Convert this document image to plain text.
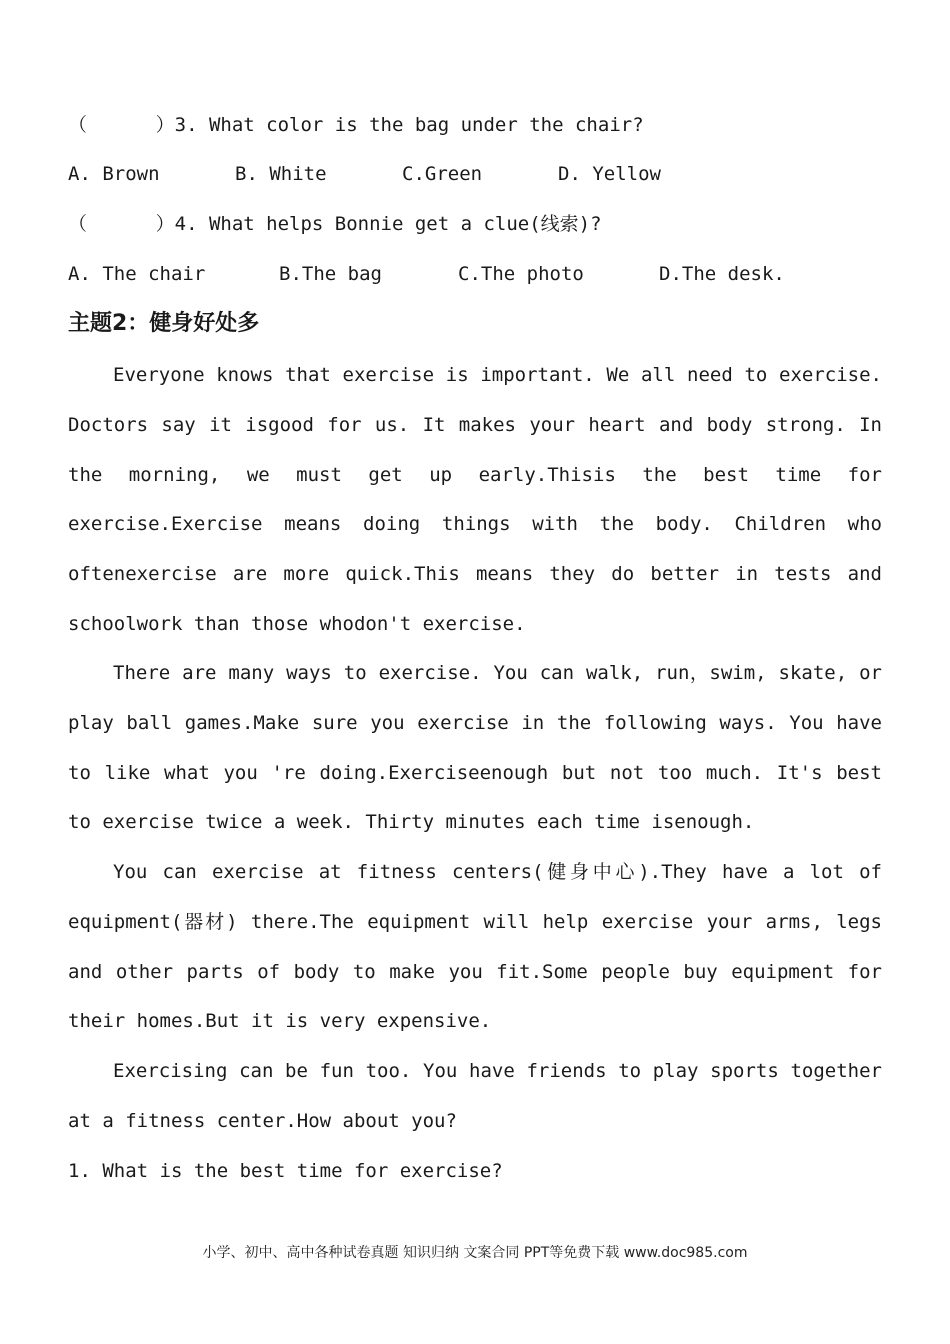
（      ）3. What color is the bag under the chair?
A. Brown	B. White	C.Green	D. Yellow
（      ）4. What helps Bonnie get a clue(线索)?
A. The chair	B.The bag	C.The photo	D.The desk.
主题2：健身好处多

Everyone knows that exercise is important. We all need to exercise. Doctors say it isgood for us. It makes your heart and body strong. In the morning, we must get up early.Thisis the best time for exercise.Exercise means doing things with the body. Children who oftenexercise are more quick.This means they do better in tests and schoolwork than those whodon't exercise.

There are many ways to exercise. You can walk, run，swim, skate, or play ball games.Make sure you exercise in the following ways. You have to like what you 're doing.Exerciseenough but not too much. It's best to exercise twice a week. Thirty minutes each time isenough.

You can exercise at fitness centers(健身中心).They have a lot of equipment(器材) there.The equipment will help exercise your arms, legs and other parts of body to make you fit.Some people buy equipment for their homes.But it is very expensive.

Exercising can be fun too. You have friends to play sports together at a fitness center.How about you?

1. What is the best time for exercise?
小学、初中、高中各种试卷真题 知识归纳 文案合同 PPT等免费下载 www.doc985.com
